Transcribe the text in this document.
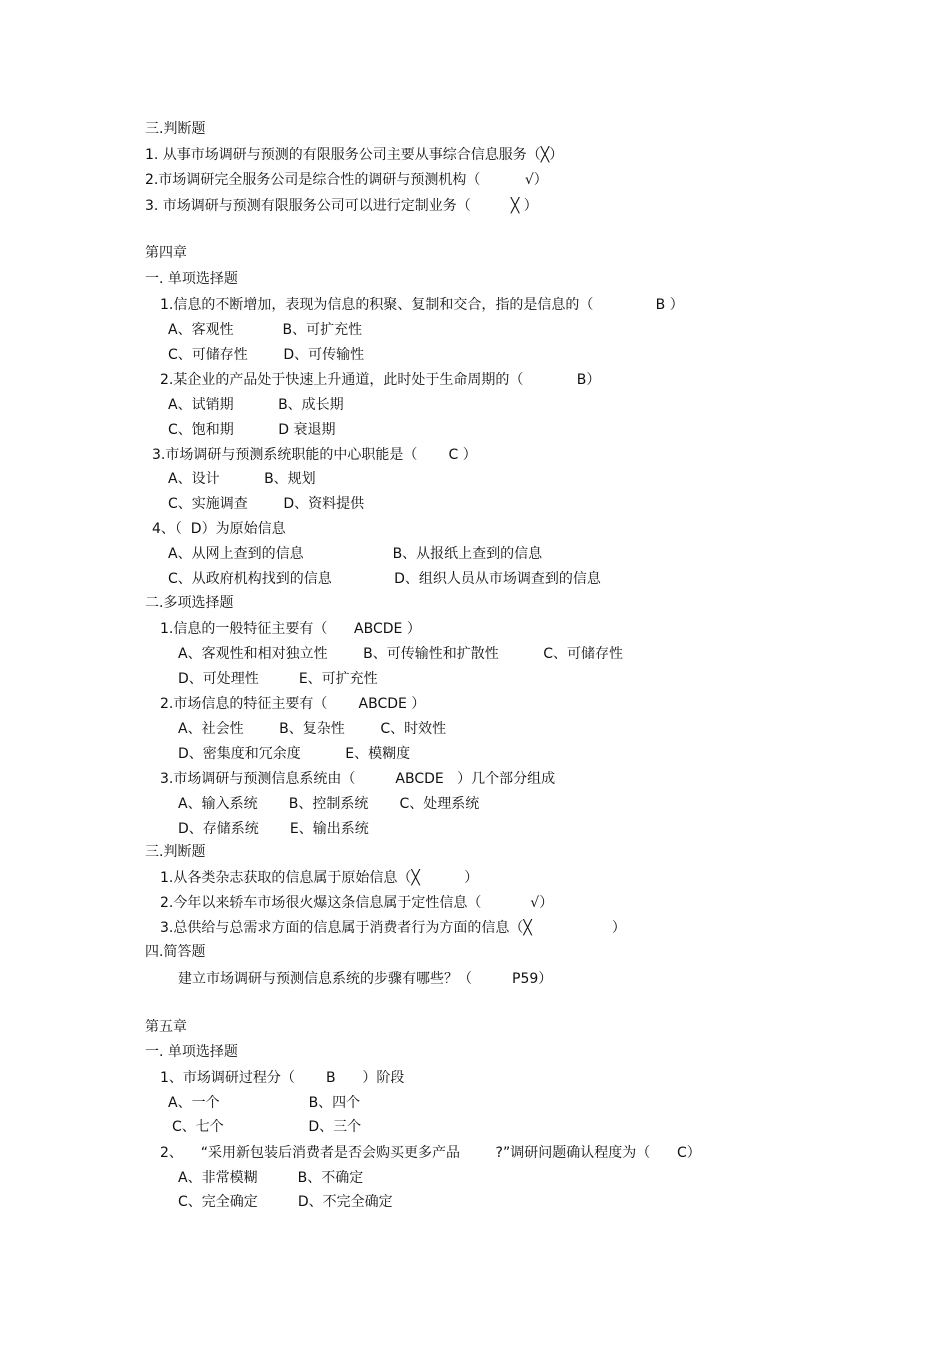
三.判断题
1. 从事市场调研与预测的有限服务公司主要从事综合信息服务（╳）
2.市场调研完全服务公司是综合性的调研与预测机构（          √）
3. 市场调研与预测有限服务公司可以进行定制业务（         ╳ ）
第四章
一. 单项选择题
1.信息的不断增加，表现为信息的积聚、复制和交合，指的是信息的（              B ）
A、客观性           B、可扩充性
C、可储存性        D、可传输性
2.某企业的产品处于快速上升通道，此时处于生命周期的（            B）
A、试销期          B、成长期
C、饱和期          D 衰退期
3.市场调研与预测系统职能的中心职能是（       C ）
A、设计          B、规划
C、实施调查        D、资料提供
4、（  D）为原始信息
A、从网上查到的信息                    B、从报纸上查到的信息
C、从政府机构找到的信息              D、组织人员从市场调查到的信息
二.多项选择题
1.信息的一般特征主要有（      ABCDE ）
A、客观性和相对独立性        B、可传输性和扩散性          C、可储存性
D、可处理性         E、可扩充性
2.市场信息的特征主要有（       ABCDE ）
A、社会性        B、复杂性        C、时效性
D、密集度和冗余度          E、模糊度
3.市场调研与预测信息系统由（         ABCDE   ）几个部分组成
A、输入系统       B、控制系统       C、处理系统
D、存储系统       E、输出系统
三.判断题
1.从各类杂志获取的信息属于原始信息（╳          ）
2.今年以来轿车市场很火爆这条信息属于定性信息（           √）
3.总供给与总需求方面的信息属于消费者行为方面的信息（╳                  ）
四.简答题
建立市场调研与预测信息系统的步骤有哪些？（         P59）
第五章
一. 单项选择题
1、市场调研过程分（       B      ）阶段
A、一个                    B、四个
C、七个                   D、三个
2、    “采用新包装后消费者是否会购买更多产品        ?”调研问题确认程度为（      C）
A、非常模糊         B、不确定
C、完全确定         D、不完全确定
